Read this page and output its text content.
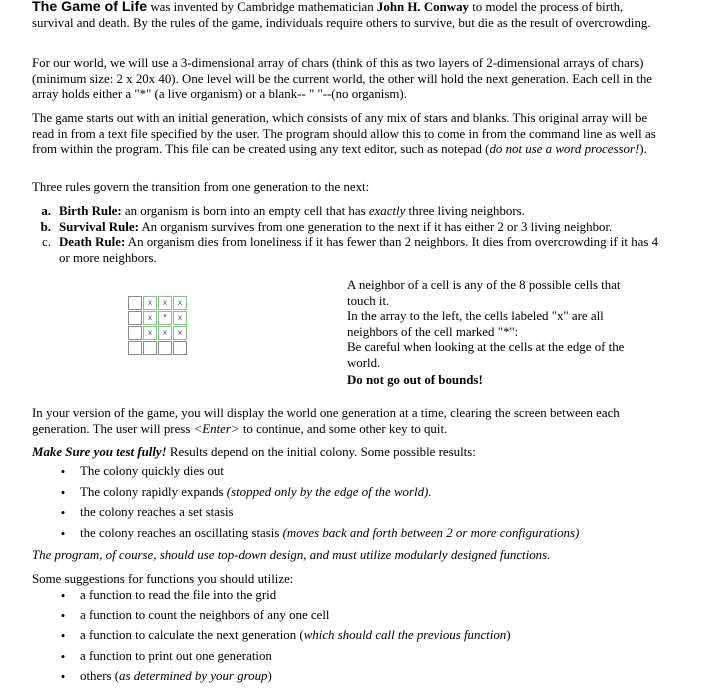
The Game of Life was invented by Cambridge mathematician John H. Conway to model the process of birth, survival and death. By the rules of the game, individuals require others to survive, but die as the result of overcrowding.

For our world, we will use a 3-dimensional array of chars (think of this as two layers of 2-dimensional arrays of chars) (minimum size: 2 x 20x 40). One level will be the current world, the other will hold the next generation. Each cell in the array holds either a "*" (a live organism) or a blank-- " "--(no organism).

The game starts out with an initial generation, which consists of any mix of stars and blanks. This original array will be read in from a text file specified by the user. The program should allow this to come in from the command line as well as from within the program. This file can be created using any text editor, such as notepad (do not use a word processor!).

Three rules govern the transition from one generation to the next:

a. Birth Rule: an organism is born into an empty cell that has exactly three living neighbors.
b. Survival Rule: An organism survives from one generation to the next if it has either 2 or 3 living neighbor.
c. Death Rule: An organism dies from loneliness if it has fewer than 2 neighbors. It dies from overcrowding if it has 4 or more neighbors.

A neighbor of a cell is any of the 8 possible cells that touch it.

In the array to the left, the cells labeled "x" are all neighbors of the cell marked "*":

Be careful when looking at the cells at the edge of the world.

Do not go out of bounds!

In your version of the game, you will display the world one generation at a time, clearing the screen between each generation. The user will press <Enter> to continue, and some other key to quit.

Make Sure you test fully! Results depend on the initial colony. Some possible results:

•	The colony quickly dies out
•	The colony rapidly expands (stopped only by the edge of the world).
•	the colony reaches a set stasis
•	the colony reaches an oscillating stasis (moves back and forth between 2 or more configurations)

The program, of course, should use top-down design, and must utilize modularly designed functions.

Some suggestions for functions you should utilize:

•	a function to read the file into the grid
•	a function to count the neighbors of any one cell
•	a function to calculate the next generation (which should call the previous function)
•	a function to print out one generation
•	others (as determined by your group)
x	x	x
x	*	x
x	x	x
